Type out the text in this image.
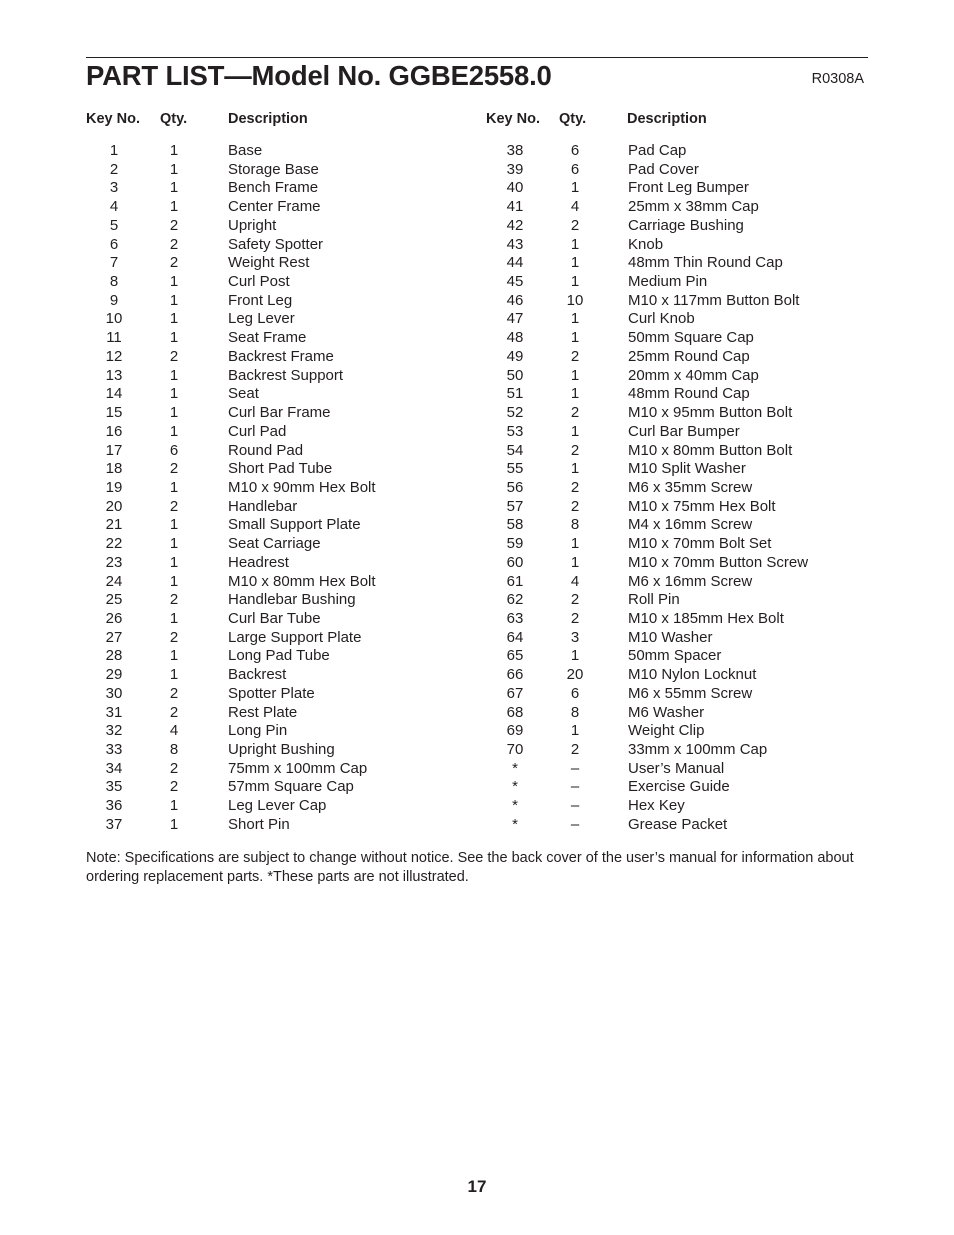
PART LIST—Model No. GGBE2558.0	R0308A
Key No. Qty.	Description	Key No. Qty.	Description
1	1	Base
2	1	Storage Base
3	1	Bench Frame
4	1	Center Frame
5	2	Upright
6	2	Safety Spotter
7	2	Weight Rest
8	1	Curl Post
9	1	Front Leg
10	1	Leg Lever
11	1	Seat Frame
12	2	Backrest Frame
13	1	Backrest Support
14	1	Seat
15	1	Curl Bar Frame
16	1	Curl Pad
17	6	Round Pad
18	2	Short Pad Tube
19	1	M10 x 90mm Hex Bolt
20	2	Handlebar
21	1	Small Support Plate
22	1	Seat Carriage
23	1	Headrest
24	1	M10 x 80mm Hex Bolt
25	2	Handlebar Bushing
26	1	Curl Bar Tube
27	2	Large Support Plate
28	1	Long Pad Tube
29	1	Backrest
30	2	Spotter Plate
31	2	Rest Plate
32	4	Long Pin
33	8	Upright Bushing
34	2	75mm x 100mm Cap
35	2	57mm Square Cap
36	1	Leg Lever Cap
37	1	Short Pin
38	6	Pad Cap
39	6	Pad Cover
40	1	Front Leg Bumper
41	4	25mm x 38mm Cap
42	2	Carriage Bushing
43	1	Knob
44	1	48mm Thin Round Cap
45	1	Medium Pin
46	10	M10 x 117mm Button Bolt
47	1	Curl Knob
48	1	50mm Square Cap
49	2	25mm Round Cap
50	1	20mm x 40mm Cap
51	1	48mm Round Cap
52	2	M10 x 95mm Button Bolt
53	1	Curl Bar Bumper
54	2	M10 x 80mm Button Bolt
55	1	M10 Split Washer
56	2	M6 x 35mm Screw
57	2	M10 x 75mm Hex Bolt
58	8	M4 x 16mm Screw
59	1	M10 x 70mm Bolt Set
60	1	M10 x 70mm Button Screw
61	4	M6 x 16mm Screw
62	2	Roll Pin
63	2	M10 x 185mm Hex Bolt
64	3	M10 Washer
65	1	50mm Spacer
66	20	M10 Nylon Locknut
67	6	M6 x 55mm Screw
68	8	M6 Washer
69	1	Weight Clip
70	2	33mm x 100mm Cap
*	–	User’s Manual
*	–	Exercise Guide
*	–	Hex Key
*	–	Grease Packet
Note: Specifications are subject to change without notice. See the back cover of the user’s manual for information about ordering replacement parts. *These parts are not illustrated.
17
